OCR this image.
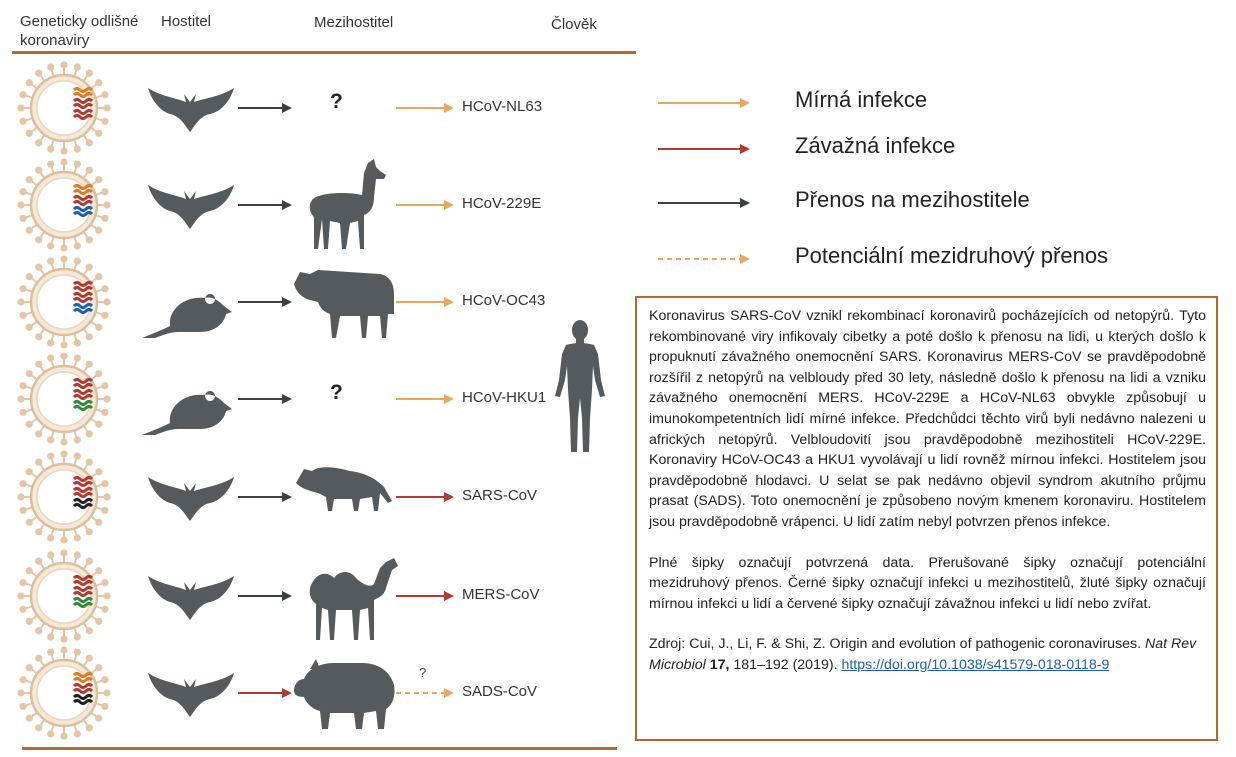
Geneticky odlišné koronaviry
Hostitel	Mezihostitel	Člověk
?	HCoV-NL63
HCoV-229E
HCoV-OC43
?	HCoV-HKU1
SARS-CoV
MERS-CoV
?
SADS-CoV
Mírná infekce
Závažná infekce
Přenos na mezihostitele
Potenciální mezidruhový přenos

Koronavirus SARS-CoV vznikl rekombinací koronavirů pocházejících od netopýrů. Tyto rekombinované viry infikovaly cibetky a poté došlo k přenosu na lidi, u kterých došlo k propuknutí závažného onemocnění SARS. Koronavirus MERS-CoV se pravděpodobně rozšířil z netopýrů na velbloudy před 30 lety, následně došlo k přenosu na lidi a vzniku závažného onemocnění MERS. HCoV-229E a HCoV-NL63 obvykle způsobují u imunokompetentních lidí mírné infekce. Předchůdci těchto virů byli nedávno nalezeni u afrických netopýrů. Velbloudovití jsou pravděpodobně mezihostiteli HCoV-229E. Koronaviry HCoV-OC43 a HKU1 vyvolávají u lidí rovněž mírnou infekci. Hostitelem jsou pravděpodobně hlodavci. U selat se pak nedávno objevil syndrom akutního průjmu prasat (SADS). Toto onemocnění je způsobeno novým kmenem koronaviru. Hostitelem jsou pravděpodobně vrápenci. U lidí zatím nebyl potvrzen přenos infekce.

Plné šipky označují potvrzená data. Přerušované šipky označují potenciální mezidruhový přenos. Černé šipky označují infekci u mezihostitelů, žluté šipky označují mírnou infekci u lidí a červené šipky označují závažnou infekci u lidí nebo zvířat.

Zdroj: Cui, J., Li, F. & Shi, Z. Origin and evolution of pathogenic coronaviruses. Nat Rev Microbiol 17, 181–192 (2019). https://doi.org/10.1038/s41579-018-0118-9
